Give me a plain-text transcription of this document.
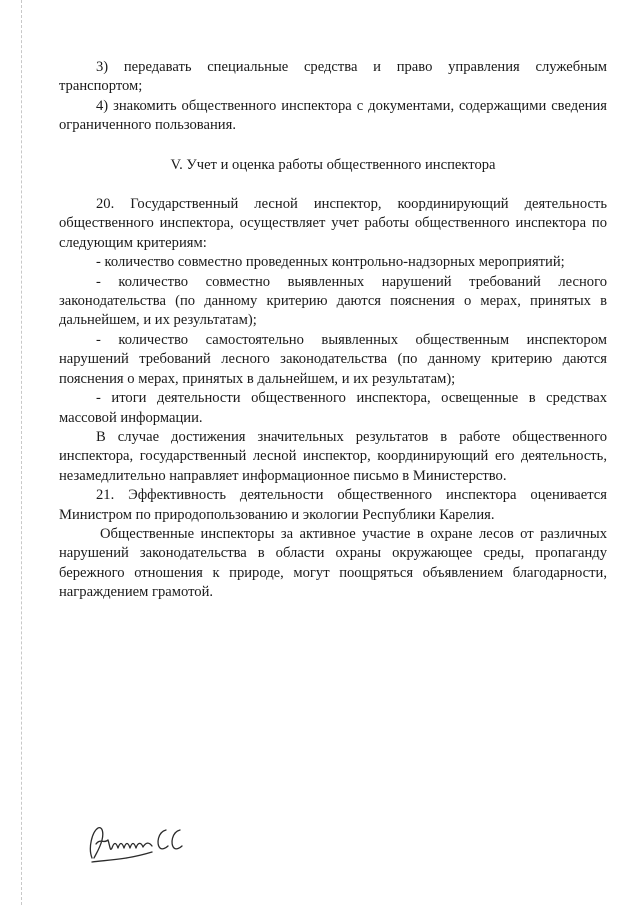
3) передавать специальные средства и право управления служебным транспортом;

4) знакомить общественного инспектора с документами, содержащими сведения ограниченного пользования.

V. Учет и оценка работы общественного инспектора

20. Государственный лесной инспектор, координирующий деятельность общественного инспектора, осуществляет учет работы общественного инспектора по следующим критериям:

- количество совместно проведенных контрольно-надзорных мероприятий;

- количество совместно выявленных нарушений требований лесного законодательства (по данному критерию даются пояснения о мерах, принятых в дальнейшем, и их результатам);

- количество самостоятельно выявленных общественным инспектором нарушений требований лесного законодательства (по данному критерию даются пояснения о мерах, принятых в дальнейшем, и их результатам);

- итоги деятельности общественного инспектора, освещенные в средствах массовой информации.

В случае достижения значительных результатов в работе общественного инспектора, государственный лесной инспектор, координирующий его деятельность, незамедлительно направляет информационное письмо в Министерство.

21. Эффективность деятельности общественного инспектора оценивается Министром по природопользованию и экологии Республики Карелия.

Общественные инспекторы за активное участие в охране лесов от различных нарушений законодательства в области охраны окружающее среды, пропаганду бережного отношения к природе, могут поощряться объявлением благодарности, награждением грамотой.
